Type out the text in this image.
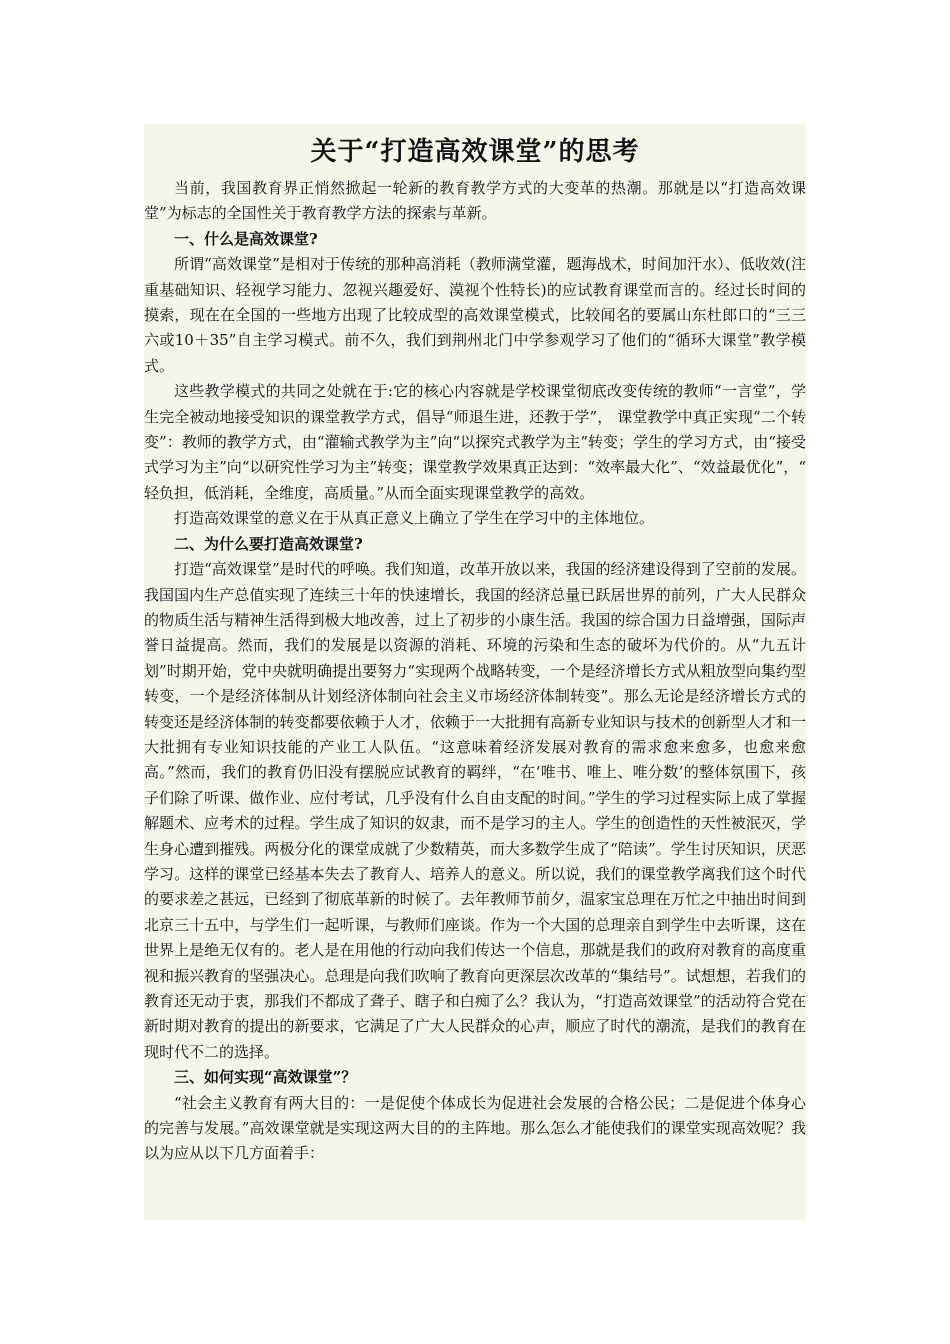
关于“打造高效课堂”的思考

当前，我国教育界正悄然掀起一轮新的教育教学方式的大变革的热潮。那就是以“打造高效课堂”为标志的全国性关于教育教学方法的探索与革新。

一、什么是高效课堂?

所谓“高效课堂”是相对于传统的那种高消耗（教师满堂灌，题海战术，时间加汗水）、低收效(注重基础知识、轻视学习能力、忽视兴趣爱好、漠视个性特长)的应试教育课堂而言的。经过长时间的摸索，现在在全国的一些地方出现了比较成型的高效课堂模式，比较闻名的要属山东杜郎口的“三三六或10＋35”自主学习模式。前不久，我们到荆州北门中学参观学习了他们的“循环大课堂”教学模式。

这些教学模式的共同之处就在于:它的核心内容就是学校课堂彻底改变传统的教师“一言堂”，学生完全被动地接受知识的课堂教学方式，倡导“师退生进，还教于学”， 课堂教学中真正实现“二个转变”：教师的教学方式，由“灌输式教学为主”向“以探究式教学为主”转变；学生的学习方式，由“接受式学习为主”向“以研究性学习为主”转变；课堂教学效果真正达到：“效率最大化”、“效益最优化”，“ 轻负担，低消耗，全维度，高质量。”从而全面实现课堂教学的高效。

打造高效课堂的意义在于从真正意义上确立了学生在学习中的主体地位。

二、为什么要打造高效课堂?

打造“高效课堂”是时代的呼唤。我们知道，改革开放以来，我国的经济建设得到了空前的发展。我国国内生产总值实现了连续三十年的快速增长，我国的经济总量已跃居世界的前列，广大人民群众的物质生活与精神生活得到极大地改善，过上了初步的小康生活。我国的综合国力日益增强，国际声誉日益提高。然而，我们的发展是以资源的消耗、环境的污染和生态的破坏为代价的。从“九五计划”时期开始，党中央就明确提出要努力“实现两个战略转变，一个是经济增长方式从粗放型向集约型转变，一个是经济体制从计划经济体制向社会主义市场经济体制转变”。那么无论是经济增长方式的转变还是经济体制的转变都要依赖于人才，依赖于一大批拥有高新专业知识与技术的创新型人才和一大批拥有专业知识技能的产业工人队伍。“这意味着经济发展对教育的需求愈来愈多，也愈来愈高。”然而，我们的教育仍旧没有摆脱应试教育的羁绊，“在‘唯书、唯上、唯分数’的整体氛围下，孩子们除了听课、做作业、应付考试，几乎没有什么自由支配的时间。”学生的学习过程实际上成了掌握解题术、应考术的过程。学生成了知识的奴隶，而不是学习的主人。学生的创造性的天性被泯灭，学生身心遭到摧残。两极分化的课堂成就了少数精英，而大多数学生成了“陪读”。学生讨厌知识，厌恶学习。这样的课堂已经基本失去了教育人、培养人的意义。所以说，我们的课堂教学离我们这个时代的要求差之甚远，已经到了彻底革新的时候了。去年教师节前夕，温家宝总理在万忙之中抽出时间到北京三十五中，与学生们一起听课，与教师们座谈。作为一个大国的总理亲自到学生中去听课，这在世界上是绝无仅有的。老人是在用他的行动向我们传达一个信息，那就是我们的政府对教育的高度重视和振兴教育的坚强决心。总理是向我们吹响了教育向更深层次改革的“集结号”。试想想，若我们的教育还无动于衷，那我们不都成了聋子、瞎子和白痴了么？我认为，“打造高效课堂”的活动符合党在新时期对教育的提出的新要求，它满足了广大人民群众的心声，顺应了时代的潮流，是我们的教育在现时代不二的选择。

三、如何实现“高效课堂”？

“社会主义教育有两大目的：一是促使个体成长为促进社会发展的合格公民；二是促进个体身心的完善与发展。”高效课堂就是实现这两大目的的主阵地。那么怎么才能使我们的课堂实现高效呢？我以为应从以下几方面着手：
